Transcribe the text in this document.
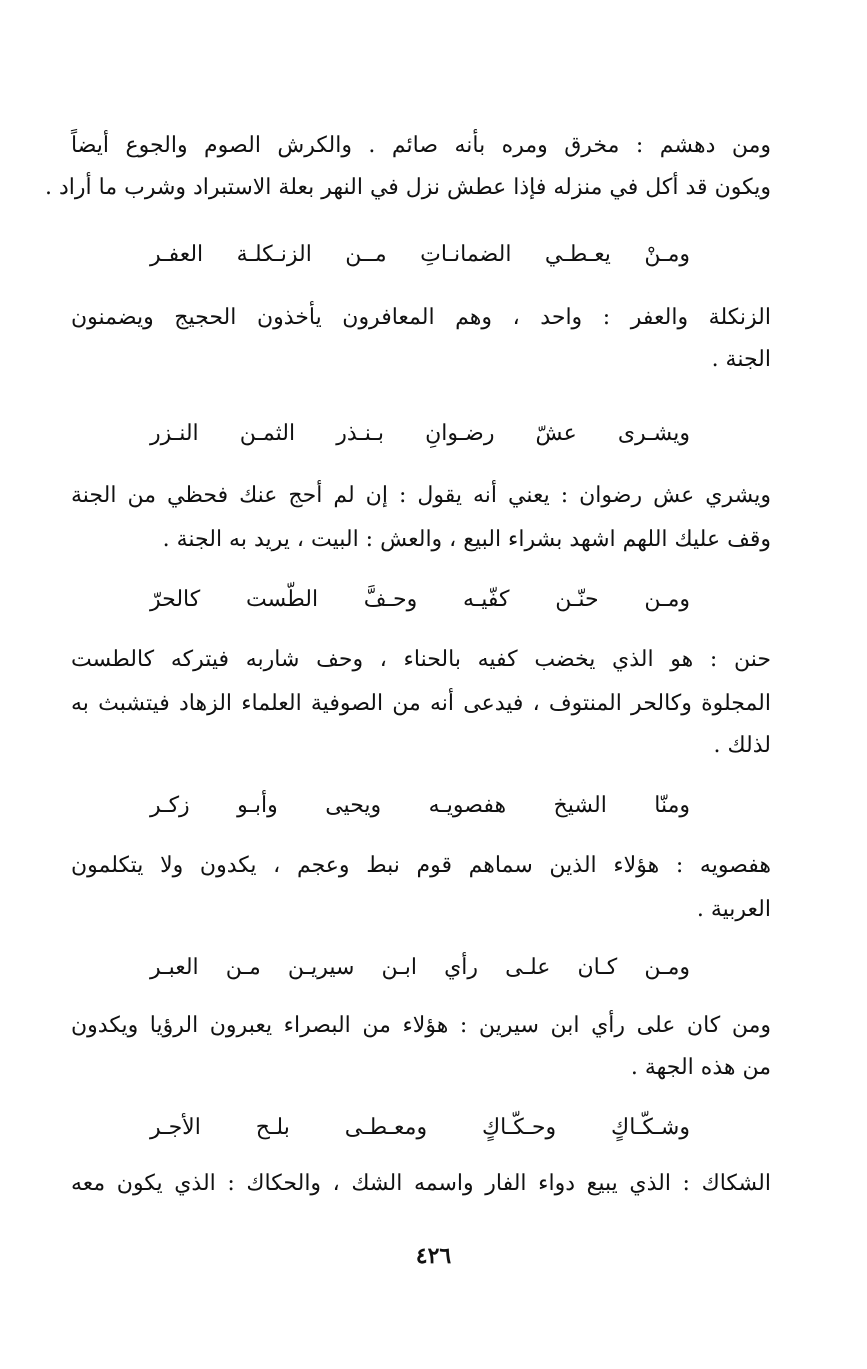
ومن دهشم : مخرق ومره بأنه صائم . والكرش الصوم والجوع أيضاً
ويكون قد أكل في منزله فإذا عطش نزل في النهر بعلة الاستبراد وشرب ما أراد .
ومـنْ يعـطـي الضمانـاتِ مــن الزنـكلـة العفـر
الزنكلة والعفر : واحد ، وهم المعافرون يأخذون الحجيج ويضمنون
الجنة .
ويشـرى عشّ رضـوانِ بـنـذر الثمـن النـزر
ويشري عش رضوان : يعني أنه يقول : إن لم أحج عنك فحظي من الجنة
وقف عليك اللهم اشهد بشراء البيع ، والعش : البيت ، يريد به الجنة .
ومـن حنّـن كفّيـه وحـفَّ الطّست كالحرّ
حنن : هو الذي يخضب كفيه بالحناء ، وحف شاربه فيتركه كالطست
المجلوة وكالحر المنتوف ، فيدعى أنه من الصوفية العلماء الزهاد فيتشبث به
لذلك .
ومنّا الشيخ هفصويـه ويحيى وأبـو زكـر
هفصويه : هؤلاء الذين سماهم قوم نبط وعجم ، يكدون ولا يتكلمون
العربية .
ومـن كـان علـى رأي ابـن سيريـن مـن العبـر
ومن كان على رأي ابن سيرين : هؤلاء من البصراء يعبرون الرؤيا ويكدون
من هذه الجهة .
وشـكّـاكٍ وحـكّـاكٍ ومعـطـى بلـح الأجـر
الشكاك : الذي يبيع دواء الفار واسمه الشك ، والحكاك : الذي يكون معه
٤٢٦
